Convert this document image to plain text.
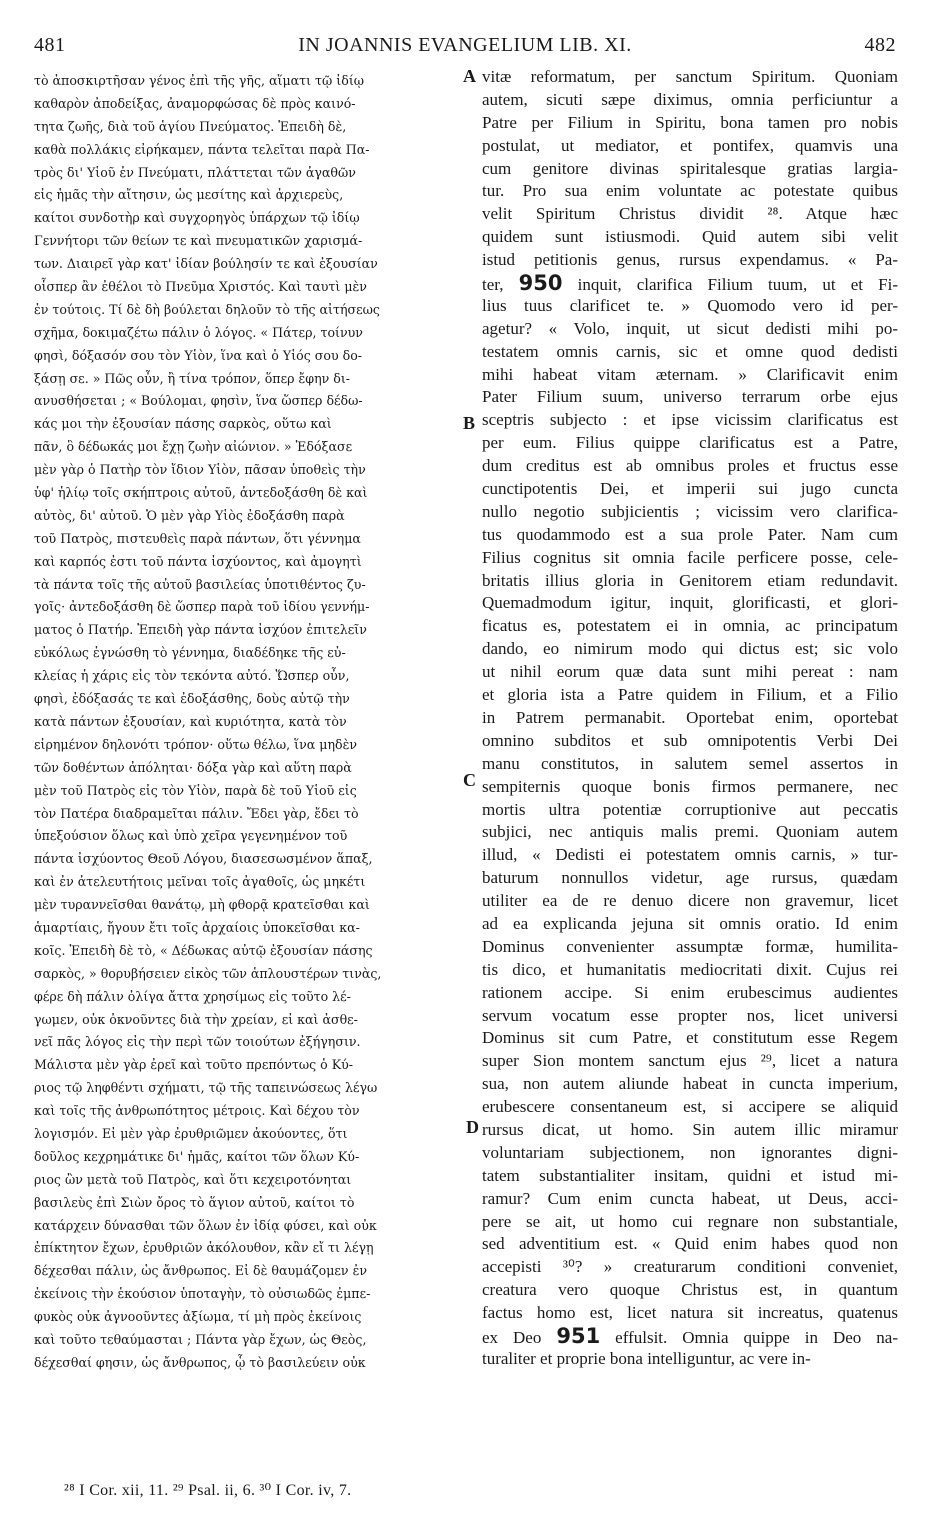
481	IN JOANNIS EVANGELIUM LIB. XI.	482
τὸ ἀποσκιρτῆσαν γένος ἐπὶ τῆς γῆς, αἵματι τῷ ἰδίῳ
καθαρὸν ἀποδείξας, ἀναμορφώσας δὲ πρὸς καινό-
τητα ζωῆς, διὰ τοῦ ἁγίου Πνεύματος. Ἐπειδὴ δὲ,
καθὰ πολλάκις εἰρήκαμεν, πάντα τελεῖται παρὰ Πα-
τρὸς δι' Υἱοῦ ἐν Πνεύματι, πλάττεται τῶν ἀγαθῶν
εἰς ἡμᾶς τὴν αἴτησιν, ὡς μεσίτης καὶ ἀρχιερεὺς,
καίτοι συνδοτὴρ καὶ συγχορηγὸς ὑπάρχων τῷ ἰδίῳ
Γεννήτορι τῶν θείων τε καὶ πνευματικῶν χαρισμά-
των. Διαιρεῖ γὰρ κατ' ἰδίαν βούλησίν τε καὶ ἐξουσίαν
οἷσπερ ἂν ἐθέλοι τὸ Πνεῦμα Χριστός. Καὶ ταυτὶ μὲν
ἐν τούτοις. Τί δὲ δὴ βούλεται δηλοῦν τὸ τῆς αἰτήσεως
σχῆμα, δοκιμαζέτω πάλιν ὁ λόγος. « Πάτερ, τοίνυν
φησὶ, δόξασόν σου τὸν Υἱὸν, ἵνα καὶ ὁ Υἱός σου δο-
ξάσῃ σε. » Πῶς οὖν, ἢ τίνα τρόπον, ὅπερ ἔφην δι-
ανυσθήσεται ; « Βούλομαι, φησὶν, ἵνα ὥσπερ δέδω-
κάς μοι τὴν ἐξουσίαν πάσης σαρκὸς, οὕτω καὶ
πᾶν, ὃ δέδωκάς μοι ἔχῃ ζωὴν αἰώνιον. » Ἐδόξασε
μὲν γὰρ ὁ Πατὴρ τὸν ἴδιον Υἱὸν, πᾶσαν ὑποθεὶς τὴν
ὑφ' ἡλίῳ τοῖς σκήπτροις αὐτοῦ, ἀντεδοξάσθη δὲ καὶ
αὐτὸς, δι' αὐτοῦ. Ὁ μὲν γὰρ Υἱὸς ἐδοξάσθη παρὰ
τοῦ Πατρὸς, πιστευθεὶς παρὰ πάντων, ὅτι γέννημα
καὶ καρπός ἐστι τοῦ πάντα ἰσχύοντος, καὶ ἀμογητὶ
τὰ πάντα τοῖς τῆς αὐτοῦ βασιλείας ὑποτιθέντος ζυ-
γοῖς· ἀντεδοξάσθη δὲ ὥσπερ παρὰ τοῦ ἰδίου γεννήμ-
ματος ὁ Πατήρ. Ἐπειδὴ γὰρ πάντα ἰσχύον ἐπιτελεῖν
εὐκόλως ἐγνώσθη τὸ γέννημα, διαδέδηκε τῆς εὐ-
κλείας ἡ χάρις εἰς τὸν τεκόντα αὐτό. Ὥσπερ οὖν,
φησὶ, ἐδόξασάς τε καὶ ἐδοξάσθης, δοὺς αὐτῷ τὴν
κατὰ πάντων ἐξουσίαν, καὶ κυριότητα, κατὰ τὸν
εἰρημένον δηλονότι τρόπον· οὕτω θέλω, ἵνα μηδὲν
τῶν δοθέντων ἀπόληται· δόξα γὰρ καὶ αὕτη παρὰ
μὲν τοῦ Πατρὸς εἰς τὸν Υἱὸν, παρὰ δὲ τοῦ Υἱοῦ εἰς
τὸν Πατέρα διαδραμεῖται πάλιν. Ἔδει γὰρ, ἔδει τὸ
ὑπεξούσιον ὅλως καὶ ὑπὸ χεῖρα γεγενημένον τοῦ
πάντα ἰσχύοντος Θεοῦ Λόγου, διασεσωσμένον ἅπαξ,
καὶ ἐν ἀτελευτήτοις μεῖναι τοῖς ἀγαθοῖς, ὡς μηκέτι
μὲν τυραννεῖσθαι θανάτῳ, μὴ φθορᾷ κρατεῖσθαι καὶ
ἁμαρτίαις, ἤγουν ἔτι τοῖς ἀρχαίοις ὑποκεῖσθαι κα-
κοῖς. Ἐπειδὴ δὲ τὸ, « Δέδωκας αὐτῷ ἐξουσίαν πάσης
σαρκὸς, » θορυβήσειεν εἰκὸς τῶν ἁπλουστέρων τινὰς,
φέρε δὴ πάλιν ὀλίγα ἄττα χρησίμως εἰς τοῦτο λέ-
γωμεν, οὐκ ὀκνοῦντες διὰ τὴν χρείαν, εἰ καὶ ἀσθε-
νεῖ πᾶς λόγος εἰς τὴν περὶ τῶν τοιούτων ἐξήγησιν.
Μάλιστα μὲν γὰρ ἐρεῖ καὶ τοῦτο πρεπόντως ὁ Κύ-
ριος τῷ ληφθέντι σχήματι, τῷ τῆς ταπεινώσεως λέγω
καὶ τοῖς τῆς ἀνθρωπότητος μέτροις. Καὶ δέχου τὸν
λογισμόν. Εἰ μὲν γὰρ ἐρυθριῶμεν ἀκούοντες, ὅτι
δοῦλος κεχρημάτικε δι' ἡμᾶς, καίτοι τῶν ὅλων Κύ-
ριος ὢν μετὰ τοῦ Πατρὸς, καὶ ὅτι κεχειροτόνηται
βασιλεὺς ἐπὶ Σιὼν ὄρος τὸ ἅγιον αὐτοῦ, καίτοι τὸ
κατάρχειν δύνασθαι τῶν ὅλων ἐν ἰδίᾳ φύσει, καὶ οὐκ
ἐπίκτητον ἔχων, ἐρυθριῶν ἀκόλουθον, κἂν εἴ τι λέγῃ
δέχεσθαι πάλιν, ὡς ἄνθρωπος. Εἰ δὲ θαυμάζομεν ἐν
ἐκείνοις τὴν ἑκούσιον ὑποταγὴν, τὸ οὐσιωδῶς ἐμπε-
φυκὸς οὐκ ἀγνοοῦντες ἀξίωμα, τί μὴ πρὸς ἐκείνοις
καὶ τοῦτο τεθαύμασται ; Πάντα γὰρ ἔχων, ὡς Θεὸς,
δέχεσθαί φησιν, ὡς ἄνθρωπος, ᾧ τὸ βασιλεύειν οὐκ
vitæ reformatum, per sanctum Spiritum. Quoniam
autem, sicuti sæpe diximus, omnia perficiuntur a
Patre per Filium in Spiritu, bona tamen pro nobis
postulat, ut mediator, et pontifex, quamvis una
cum genitore divinas spiritalesque gratias largia-
tur. Pro sua enim voluntate ac potestate quibus
velit Spiritum Christus dividit ²⁸. Atque hæc
quidem sunt istiusmodi. Quid autem sibi velit
istud petitionis genus, rursus expendamus. « Pa-
ter, 950 inquit, clarifica Filium tuum, ut et Fi-
lius tuus clarificet te. » Quomodo vero id per-
agetur? « Volo, inquit, ut sicut dedisti mihi po-
testatem omnis carnis, sic et omne quod dedisti
mihi habeat vitam æternam. » Clarificavit enim
Pater Filium suum, universo terrarum orbe ejus
sceptris subjecto : et ipse vicissim clarificatus est
per eum. Filius quippe clarificatus est a Patre,
dum creditus est ab omnibus proles et fructus esse
cunctipotentis Dei, et imperii sui jugo cuncta
nullo negotio subjicientis ; vicissim vero clarifica-
tus quodammodo est a sua prole Pater. Nam cum
Filius cognitus sit omnia facile perficere posse, cele-
britatis illius gloria in Genitorem etiam redundavit.
Quemadmodum igitur, inquit, glorificasti, et glori-
ficatus es, potestatem ei in omnia, ac principatum
dando, eo nimirum modo qui dictus est; sic volo
ut nihil eorum quæ data sunt mihi pereat : nam
et gloria ista a Patre quidem in Filium, et a Filio
in Patrem permanabit. Oportebat enim, oportebat
omnino subditos et sub omnipotentis Verbi Dei
manu constitutos, in salutem semel assertos in
sempiternis quoque bonis firmos permanere, nec
mortis ultra potentiæ corruptionive aut peccatis
subjici, nec antiquis malis premi. Quoniam autem
illud, « Dedisti ei potestatem omnis carnis, » tur-
baturum nonnullos videtur, age rursus, quædam
utiliter ea de re denuo dicere non gravemur, licet
ad ea explicanda jejuna sit omnis oratio. Id enim
Dominus convenienter assumptæ formæ, humilita-
tis dico, et humanitatis mediocritati dixit. Cujus rei
rationem accipe. Si enim erubescimus audientes
servum vocatum esse propter nos, licet universi
Dominus sit cum Patre, et constitutum esse Regem
super Sion montem sanctum ejus ²⁹, licet a natura
sua, non autem aliunde habeat in cuncta imperium,
erubescere consentaneum est, si accipere se aliquid
rursus dicat, ut homo. Sin autem illic miramur
voluntariam subjectionem, non ignorantes digni-
tatem substantialiter insitam, quidni et istud mi-
ramur? Cum enim cuncta habeat, ut Deus, acci-
pere se ait, ut homo cui regnare non substantiale,
sed adventitium est. « Quid enim habes quod non
accepisti ³⁰? » creaturarum conditioni conveniet,
creatura vero quoque Christus est, in quantum
factus homo est, licet natura sit increatus, quatenus
ex Deo 951 effulsit. Omnia quippe in Deo na-
turaliter et proprie bona intelliguntur, ac vere in-
A
B
C
D
²⁸ I Cor. xii, 11. ²⁹ Psal. ii, 6. ³⁰ I Cor. iv, 7.
